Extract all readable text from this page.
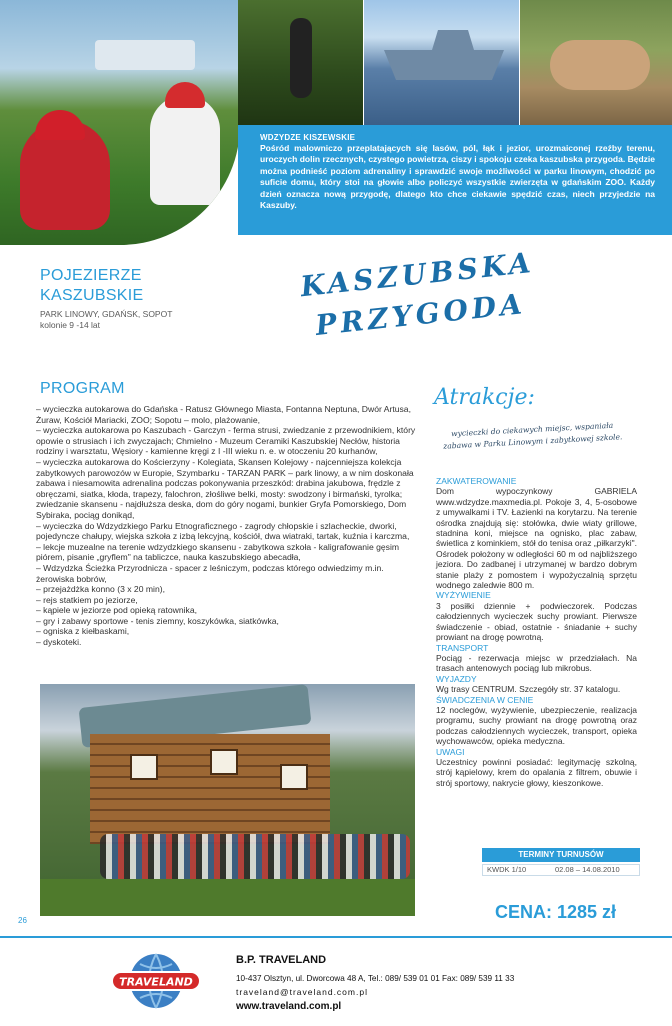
WDZYDZE KISZEWSKIE
Pośród malowniczo przeplatających się lasów, pól, łąk i jezior, urozmaiconej rzeźby terenu, uroczych dolin rzecznych, czystego powietrza, ciszy i spokoju czeka kaszubska przygoda. Będzie można podnieść poziom adrenaliny i sprawdzić swoje możliwości w parku linowym, chodzić po suficie domu, który stoi na głowie albo policzyć wszystkie zwierzęta w gdańskim ZOO. Każdy dzień oznacza nową przygodę, dlatego kto chce ciekawie spędzić czas, niech przyjedzie na Kaszuby.
POJEZIERZE
KASZUBSKIE
PARK LINOWY, GDAŃSK, SOPOT
kolonie 9 -14 lat
KASZUBSKA
PRZYGODA
PROGRAM

– wycieczka autokarowa do Gdańska - Ratusz Głównego Miasta, Fontanna Neptuna, Dwór Artusa, Żuraw, Kościół Mariacki, ZOO; Sopotu – molo, plażowanie,

– wycieczka autokarowa po Kaszubach - Garczyn - ferma strusi, zwiedzanie z przewodnikiem, który opowie o strusiach i ich zwyczajach; Chmielno - Muzeum Ceramiki Kaszubskiej Necłów, historia rodziny i warsztatu, Węsiory - kamienne kręgi z I -III wieku n. e. w otoczeniu 20 kurhanów,

– wycieczka autokarowa do Kościerzyny - Kolegiata, Skansen Kolejowy - najcenniejsza kolekcja zabytkowych parowozów w Europie, Szymbarku - TARZAN PARK – park linowy, a w nim doskonała zabawa i niesamowita adrenalina podczas pokonywania przeszkód: drabina jakubowa, frędzle z obręczami, siatka, kłoda, trapezy, falochron, złośliwe belki, mosty: swodzony i birmański, tyrolka; zwiedzanie skansenu - najdłuższa deska, dom do góry nogami, bunkier Gryfa Pomorskiego, Dom Sybiraka, pociąg donikąd,

– wycieczka do Wdzydzkiego Parku Etnograficznego - zagrody chłopskie i szlacheckie, dworki, pojedyncze chałupy, wiejska szkoła z izbą lekcyjną, kościół, dwa wiatraki, tartak, kuźnia i karczma,

– lekcje muzealne na terenie wdzydzkiego skansenu - zabytkowa szkoła - kaligrafowanie gęsim piórem, pisanie „gryflem" na tabliczce, nauka kaszubskiego abecadła,

– Wdzydzka Ścieżka Przyrodnicza - spacer z leśniczym, podczas którego odwiedzimy m.in. żerowiska bobrów,

– przejażdżka konno (3 x 20 min),

– rejs statkiem po jeziorze,

– kąpiele w jeziorze pod opieką ratownika,

– gry i zabawy sportowe - tenis ziemny, koszykówka, siatkówka,

– ogniska z kiełbaskami,

– dyskoteki.

Atrakcje:
wycieczki do ciekawych miejsc, wspaniała zabawa w Parku Linowym i zabytkowej szkole.
ZAKWATEROWANIE

Dom wypoczynkowy GABRIELA www.wdzydze.maxmedia.pl. Pokoje 3, 4, 5-osobowe z umywalkami i TV. Łazienki na korytarzu. Na terenie ośrodka znajdują się: stołówka, dwie wiaty grillowe, stadnina koni, miejsce na ognisko, plac zabaw, świetlica z kominkiem, stół do tenisa oraz „piłkarzyki". Ośrodek położony w odległości 60 m od najbliższego jeziora. Do zadbanej i utrzymanej w bardzo dobrym stanie plaży z pomostem i wypożyczalnią sprzętu wodnego zaledwie 800 m.

WYŻYWIENIE

3 posiłki dziennie + podwieczorek. Podczas całodziennych wycieczek suchy prowiant. Pierwsze świadczenie - obiad, ostatnie - śniadanie + suchy prowiant na drogę powrotną.

TRANSPORT

Pociąg - rezerwacja miejsc w przedziałach. Na trasach antenowych pociąg lub mikrobus.

WYJAZDY

Wg trasy CENTRUM. Szczegóły str. 37 katalogu.

ŚWIADCZENIA W CENIE

12 noclegów, wyżywienie, ubezpieczenie, realizacja programu, suchy prowiant na drogę powrotną oraz podczas całodziennych wycieczek, transport, opieka wychowawców, opieka medyczna.

UWAGI

Uczestnicy powinni posiadać: legitymację szkolną, strój kąpielowy, krem do opalania z filtrem, obuwie i strój sportowy, nakrycie głowy, kieszonkowe.

TERMINY TURNUSÓW
KWDK 1/10	02.08 – 14.08.2010
CENA: 1285 zł
26
TRAVELAND
B.P. TRAVELAND
10-437 Olsztyn, ul. Dworcowa 48 A, Tel.: 089/ 539 01 01 Fax: 089/ 539 11 33
traveland@traveland.com.pl
www.traveland.com.pl
